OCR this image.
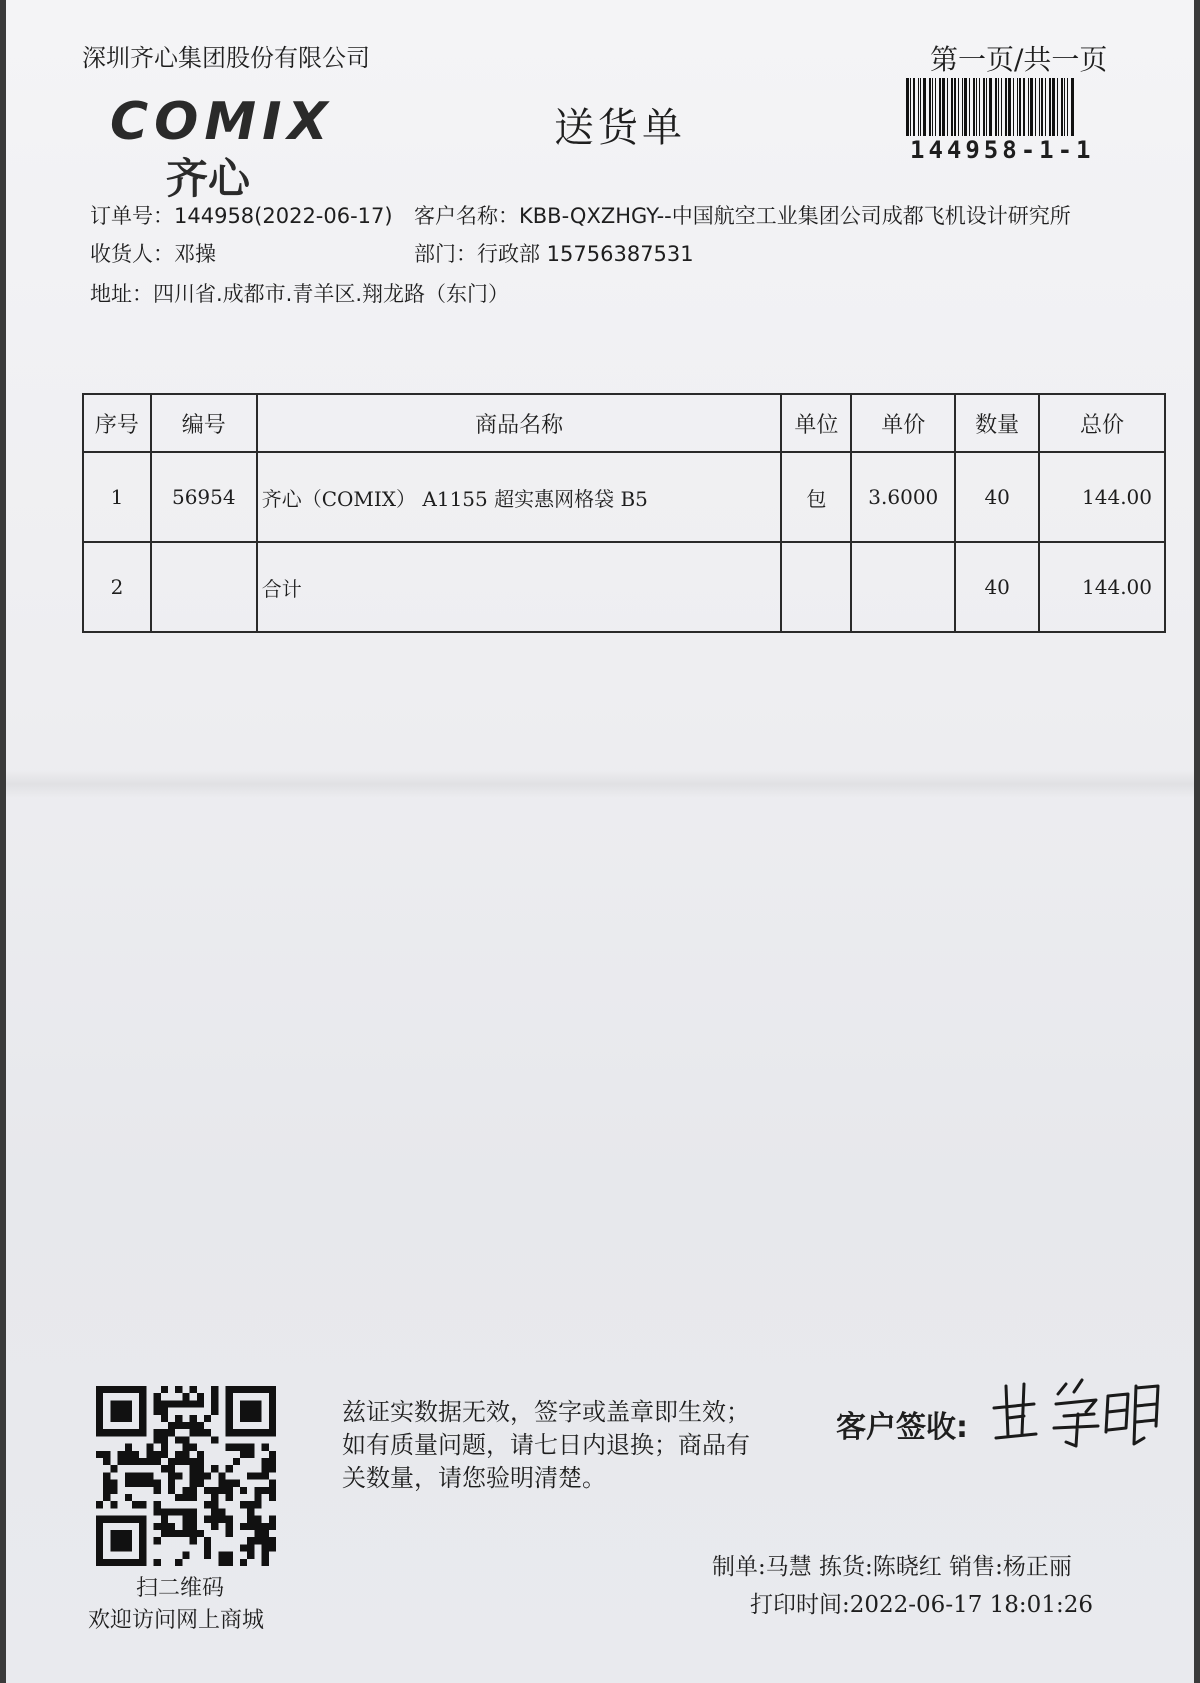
深圳齐心集团股份有限公司	第一页/共一页
COMIX
齐心
送货单	144958-1-1
订单号：144958(2022-06-17) 客户名称：KBB-QXZHGY--中国航空工业集团公司成都飞机设计研究所
收货人：邓操	部门：行政部 15756387531
地址：四川省.成都市.青羊区.翔龙路（东门）
序号	编号	商品名称	单位	单价	数量	总价
1	56954	齐心（COMIX） A1155 超实惠网格袋 B5	包	3.6000	40	144.00
2		合计			40	144.00
扫二维码
欢迎访问网上商城
兹证实数据无效，签字或盖章即生效；如有质量问题，请七日内退换；商品有关数量，请您验明清楚。
客户签收:
制单:马慧 拣货:陈晓红 销售:杨正丽
打印时间:2022-06-17 18:01:26
